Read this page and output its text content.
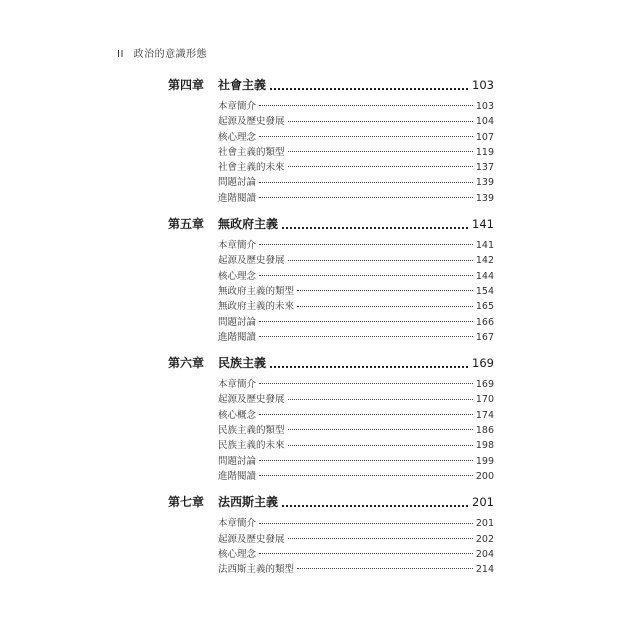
II 政治的意識形態
第四章	社會主義	103
本章簡介	103
起源及歷史發展	104
核心理念	107
社會主義的類型	119
社會主義的未來	137
問題討論	139
進階閱讀	139
第五章	無政府主義	141
本章簡介	141
起源及歷史發展	142
核心理念	144
無政府主義的類型	154
無政府主義的未來	165
問題討論	166
進階閱讀	167
第六章	民族主義	169
本章簡介	169
起源及歷史發展	170
核心概念	174
民族主義的類型	186
民族主義的未來	198
問題討論	199
進階閱讀	200
第七章	法西斯主義	201
本章簡介	201
起源及歷史發展	202
核心理念	204
法西斯主義的類型	214
